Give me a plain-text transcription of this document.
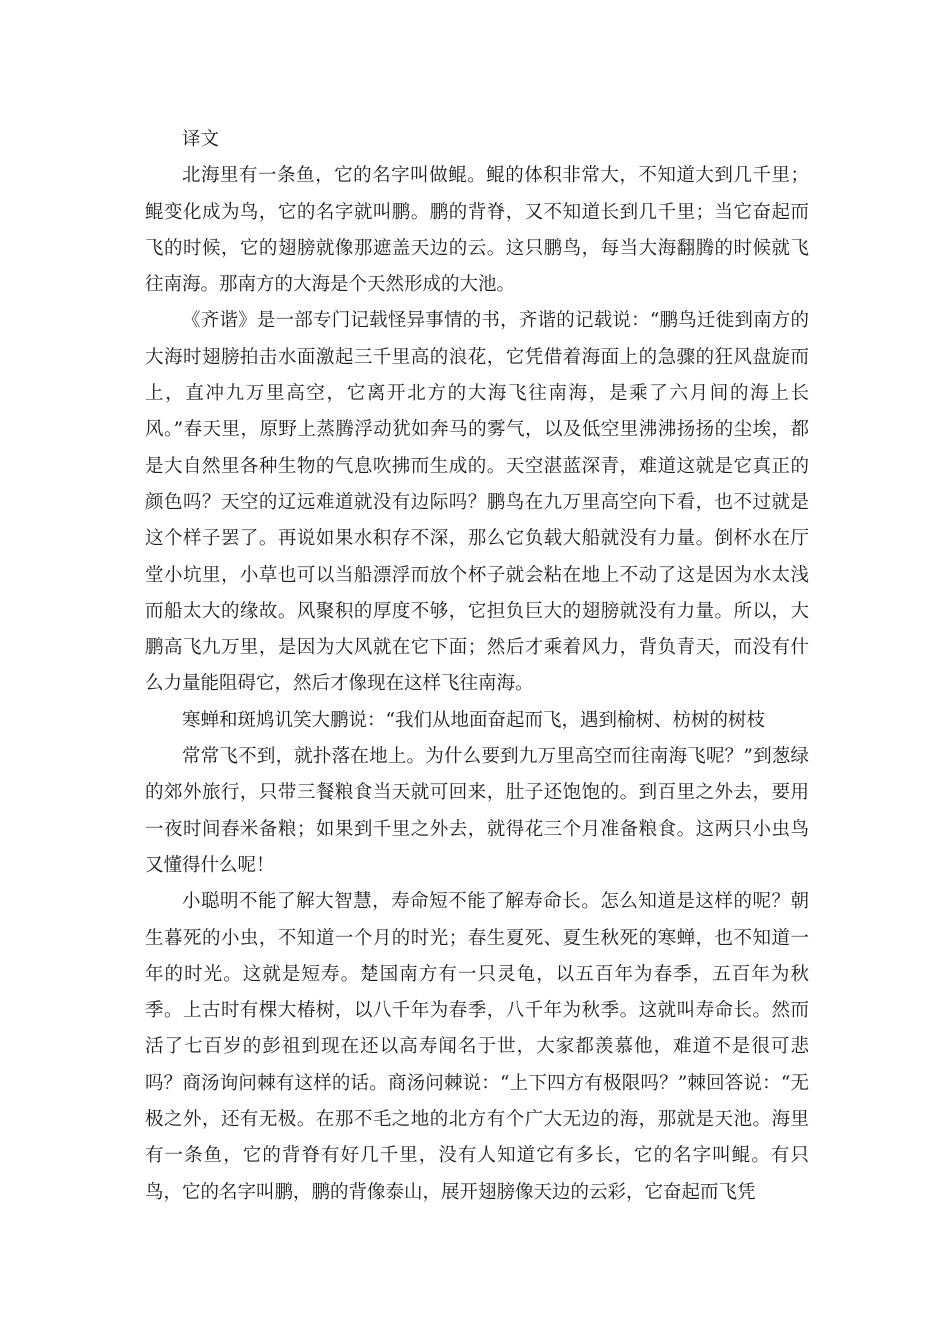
译文

北海里有一条鱼，它的名字叫做鲲。鲲的体积非常大，不知道大到几千里；鲲变化成为鸟，它的名字就叫鹏。鹏的背脊，又不知道长到几千里；当它奋起而飞的时候，它的翅膀就像那遮盖天边的云。这只鹏鸟，每当大海翻腾的时候就飞往南海。那南方的大海是个天然形成的大池。

《齐谐》是一部专门记载怪异事情的书，齐谐的记载说：“鹏鸟迁徙到南方的大海时翅膀拍击水面激起三千里高的浪花，它凭借着海面上的急骤的狂风盘旋而上，直冲九万里高空，它离开北方的大海飞往南海，是乘了六月间的海上长风。”春天里，原野上蒸腾浮动犹如奔马的雾气，以及低空里沸沸扬扬的尘埃，都是大自然里各种生物的气息吹拂而生成的。天空湛蓝深青，难道这就是它真正的颜色吗？天空的辽远难道就没有边际吗？鹏鸟在九万里高空向下看，也不过就是这个样子罢了。再说如果水积存不深，那么它负载大船就没有力量。倒杯水在厅堂小坑里，小草也可以当船漂浮而放个杯子就会粘在地上不动了这是因为水太浅而船太大的缘故。风聚积的厚度不够，它担负巨大的翅膀就没有力量。所以，大鹏高飞九万里，是因为大风就在它下面；然后才乘着风力，背负青天，而没有什么力量能阻碍它，然后才像现在这样飞往南海。

寒蝉和斑鸠讥笑大鹏说：“我们从地面奋起而飞，遇到榆树、枋树的树枝

常常飞不到，就扑落在地上。为什么要到九万里高空而往南海飞呢？”到葱绿的郊外旅行，只带三餐粮食当天就可回来，肚子还饱饱的。到百里之外去，要用一夜时间舂米备粮；如果到千里之外去，就得花三个月准备粮食。这两只小虫鸟又懂得什么呢！

小聪明不能了解大智慧，寿命短不能了解寿命长。怎么知道是这样的呢？朝生暮死的小虫，不知道一个月的时光；春生夏死、夏生秋死的寒蝉，也不知道一年的时光。这就是短寿。楚国南方有一只灵龟，以五百年为春季，五百年为秋季。上古时有棵大椿树，以八千年为春季，八千年为秋季。这就叫寿命长。然而活了七百岁的彭祖到现在还以高寿闻名于世，大家都羡慕他，难道不是很可悲吗？商汤询问棘有这样的话。商汤问棘说：“上下四方有极限吗？”棘回答说：“无极之外，还有无极。在那不毛之地的北方有个广大无边的海，那就是天池。海里有一条鱼，它的背脊有好几千里，没有人知道它有多长，它的名字叫鲲。有只鸟，它的名字叫鹏，鹏的背像泰山，展开翅膀像天边的云彩，它奋起而飞凭
